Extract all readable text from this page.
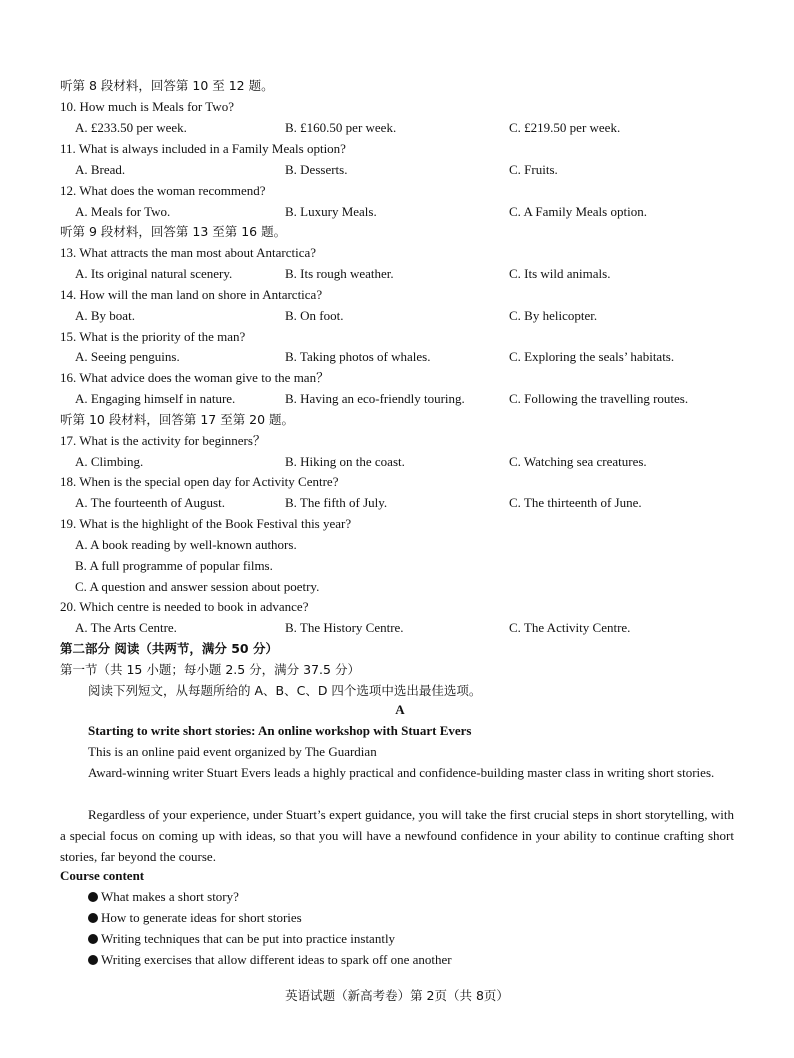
听第 8 段材料，回答第 10 至 12 题。
10. How much is Meals for Two?
A. £233.50 per week.	B. £160.50 per week.	C. £219.50 per week.
11. What is always included in a Family Meals option?
A. Bread.	B. Desserts.	C. Fruits.
12. What does the woman recommend?
A. Meals for Two.	B. Luxury Meals.	C. A Family Meals option.
听第 9 段材料，回答第 13 至第 16 题。
13. What attracts the man most about Antarctica?
A. Its original natural scenery.	B. Its rough weather.	C. Its wild animals.
14. How will the man land on shore in Antarctica?
A. By boat.	B. On foot.	C. By helicopter.
15. What is the priority of the man?
A. Seeing penguins.	B. Taking photos of whales.	C. Exploring the seals’ habitats.
16. What advice does the woman give to the man？
A. Engaging himself in nature.	B. Having an eco-friendly touring.	C. Following the travelling routes.
听第 10 段材料，回答第 17 至第 20 题。
17. What is the activity for beginners？
A. Climbing.	B. Hiking on the coast.	C. Watching sea creatures.
18. When is the special open day for Activity Centre?
A. The fourteenth of August.	B. The fifth of July.	C. The thirteenth of June.
19. What is the highlight of the Book Festival this year?
A. A book reading by well-known authors.
B. A full programme of popular films.
C. A question and answer session about poetry.
20. Which centre is needed to book in advance?
A. The Arts Centre.	B. The History Centre.	C. The Activity Centre.
第二部分 阅读（共两节，满分 50 分）
第一节（共 15 小题；每小题 2.5 分，满分 37.5 分）
阅读下列短文，从每题所给的 A、B、C、D 四个选项中选出最佳选项。
A
Starting to write short stories: An online workshop with Stuart Evers
This is an online paid event organized by The Guardian
Award-winning writer Stuart Evers leads a highly practical and confidence-building master class in writing short stories.
Regardless of your experience, under Stuart’s expert guidance, you will take the first crucial steps in short storytelling, with a special focus on coming up with ideas, so that you will have a newfound confidence in your ability to continue crafting short stories, far beyond the course.
Course content
What makes a short story?
How to generate ideas for short stories
Writing techniques that can be put into practice instantly
Writing exercises that allow different ideas to spark off one another
英语试题（新高考卷）第 2页（共 8页）
